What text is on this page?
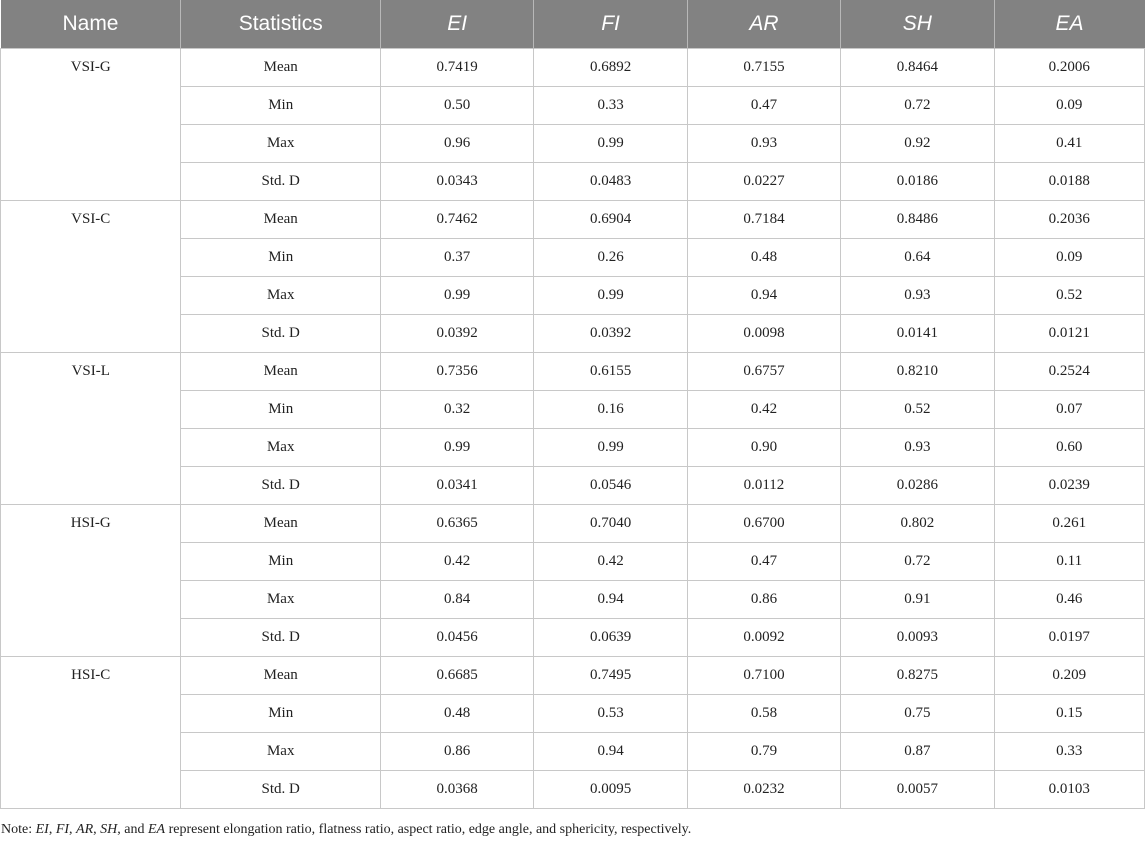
Name	Statistics	EI	FI	AR	SH	EA
VSI-G	Mean	0.7419	0.6892	0.7155	0.8464	0.2006
	Min	0.50	0.33	0.47	0.72	0.09
	Max	0.96	0.99	0.93	0.92	0.41
	Std. D	0.0343	0.0483	0.0227	0.0186	0.0188
VSI-C	Mean	0.7462	0.6904	0.7184	0.8486	0.2036
	Min	0.37	0.26	0.48	0.64	0.09
	Max	0.99	0.99	0.94	0.93	0.52
	Std. D	0.0392	0.0392	0.0098	0.0141	0.0121
VSI-L	Mean	0.7356	0.6155	0.6757	0.8210	0.2524
	Min	0.32	0.16	0.42	0.52	0.07
	Max	0.99	0.99	0.90	0.93	0.60
	Std. D	0.0341	0.0546	0.0112	0.0286	0.0239
HSI-G	Mean	0.6365	0.7040	0.6700	0.802	0.261
	Min	0.42	0.42	0.47	0.72	0.11
	Max	0.84	0.94	0.86	0.91	0.46
	Std. D	0.0456	0.0639	0.0092	0.0093	0.0197
HSI-C	Mean	0.6685	0.7495	0.7100	0.8275	0.209
	Min	0.48	0.53	0.58	0.75	0.15
	Max	0.86	0.94	0.79	0.87	0.33
	Std. D	0.0368	0.0095	0.0232	0.0057	0.0103
Note: EI, FI, AR, SH, and EA represent elongation ratio, flatness ratio, aspect ratio, edge angle, and sphericity, respectively.
